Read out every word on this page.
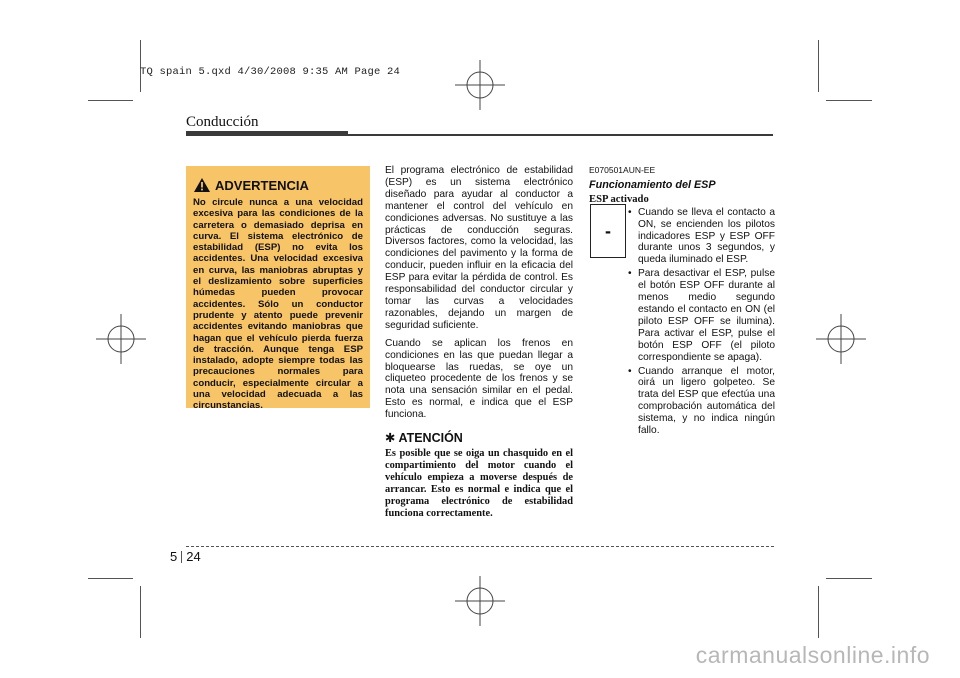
TQ spain 5.qxd 4/30/2008 9:35 AM Page 24
Conducción
ADVERTENCIA
No circule nunca a una velocidad excesiva para las condiciones de la carretera o demasiado deprisa en curva. El sistema electrónico de estabilidad (ESP) no evita los accidentes. Una velocidad excesiva en curva, las maniobras abruptas y el deslizamiento sobre superficies húmedas pueden provocar accidentes. Sólo un conductor prudente y atento puede prevenir accidentes evitando maniobras que hagan que el vehículo pierda fuerza de tracción. Aunque tenga ESP instalado, adopte siempre todas las precauciones normales para conducir, especialmente circular a una velocidad adecuada a las circunstancias.

El programa electrónico de estabilidad (ESP) es un sistema electrónico diseñado para ayudar al conductor a mantener el control del vehículo en condiciones adversas. No sustituye a las prácticas de conducción seguras. Diversos factores, como la velocidad, las condiciones del pavimento y la forma de conducir, pueden influir en la eficacia del ESP para evitar la pérdida de control. Es responsabilidad del conductor circular y tomar las curvas a velocidades razonables, dejando un margen de seguridad suficiente.

Cuando se aplican los frenos en condiciones en las que puedan llegar a bloquearse las ruedas, se oye un cliqueteo procedente de los frenos y se nota una sensación similar en el pedal. Esto es normal, e indica que el ESP funciona.

✱ ATENCIÓN
Es posible que se oiga un chasquido en el compartimiento del motor cuando el vehículo empieza a moverse después de arrancar. Esto es normal e indica que el programa electrónico de estabilidad funciona correctamente.
E070501AUN-EE
Funcionamiento del ESP
ESP activado
• Cuando se lleva el contacto a ON, se encienden los pilotos indicadores ESP y ESP OFF durante unos 3 segundos, y queda iluminado el ESP.
• Para desactivar el ESP, pulse el botón ESP OFF durante al menos medio segundo estando el contacto en ON (el piloto ESP OFF se ilumina). Para activar el ESP, pulse el botón ESP OFF (el piloto correspondiente se apaga).
• Cuando arranque el motor, oirá un ligero golpeteo. Se trata del ESP que efectúa una comprobación automática del sistema, y no indica ningún fallo.
-
5 24
carmanualsonline.info
